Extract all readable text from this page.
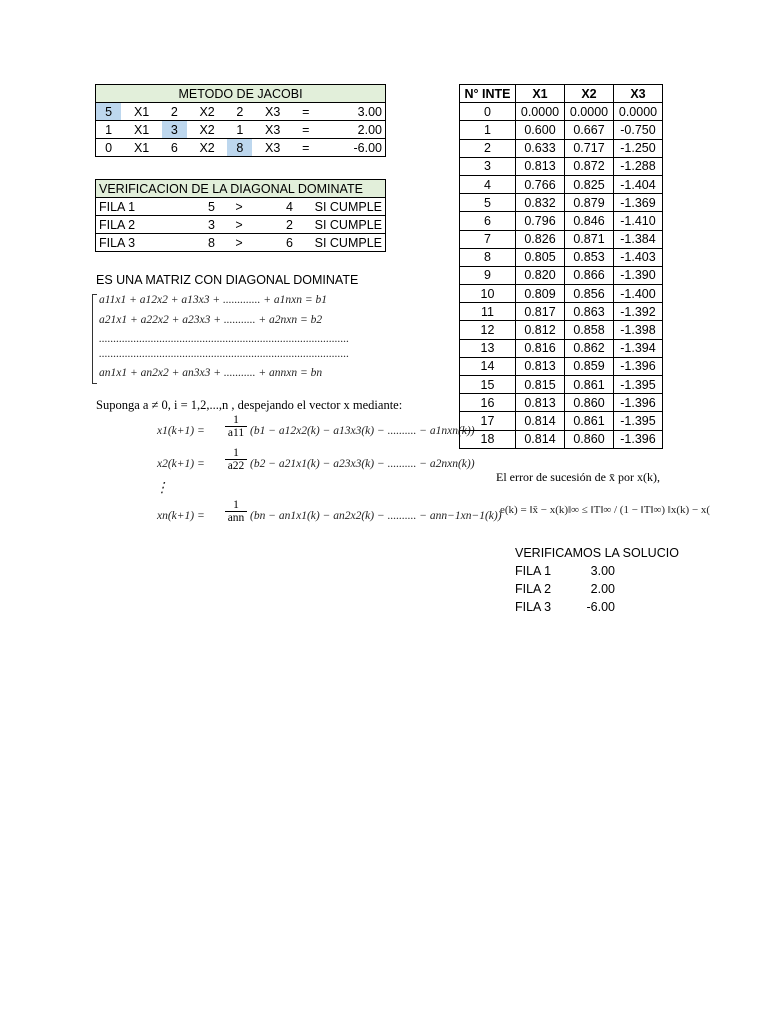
METODO DE JACOBI							
5	X1	2	X2	2	X3	=	3.00
1	X1	3	X2	1	X3	=	2.00
0	X1	6	X2	8	X3	=	-6.00
VERIFICACION DE LA DIAGONAL DOMINATE				
FILA 1	5	>	4	SI CUMPLE
FILA 2	3	>	2	SI CUMPLE
FILA 3	8	>	6	SI CUMPLE
ES UNA MATRIZ CON DIAGONAL DOMINATE
a11x1 + a12x2 + a13x3 + ............. + a1nxn = b1
a21x1 + a22x2 + a23x3 + ........... + a2nxn = b2
.......................................................................................
.......................................................................................
an1x1 + an2x2 + an3x3 + ........... + annxn = bn
Suponga a ≠ 0, i = 1,2,...,n , despejando el vector x mediante:
$x1(k+1) = \frac{1}{a11} (b1 - a12x2(k) - a13x3(k)$ − .......... − a1nxn(k))
$x2(k+1) = \frac{1}{a22} (b2 - a21x1(k) - a23x3(k)$ − .......... − a2nxn(k))
⋮
xn(k+1) =
1
ann (bn − an1x1(k) − an2x2(k) − .......... − ann−1xn−1(k))
N° INTE	X1	X2	X3
0	0.0000	0.0000	0.0000
1	0.600	0.667	-0.750
2	0.633	0.717	-1.250
3	0.813	0.872	-1.288
4	0.766	0.825	-1.404
5	0.832	0.879	-1.369
6	0.796	0.846	-1.410
7	0.826	0.871	-1.384
8	0.805	0.853	-1.403
9	0.820	0.866	-1.390
10	0.809	0.856	-1.400
11	0.817	0.863	-1.392
12	0.812	0.858	-1.398
13	0.816	0.862	-1.394
14	0.813	0.859	-1.396
15	0.815	0.861	-1.395
16	0.813	0.860	-1.396
17	0.814	0.861	-1.395
18	0.814	0.860	-1.396
El error de sucesión de x̄ por x(k),
e(k) = ‖x̄ − x(k)‖∞ ≤ ‖T‖∞ / (1 − ‖T‖∞) ‖x(k) − x(
VERIFICAMOS LA SOLUCIO
FILA 1	3.00
FILA 2	2.00
FILA 3	-6.00
